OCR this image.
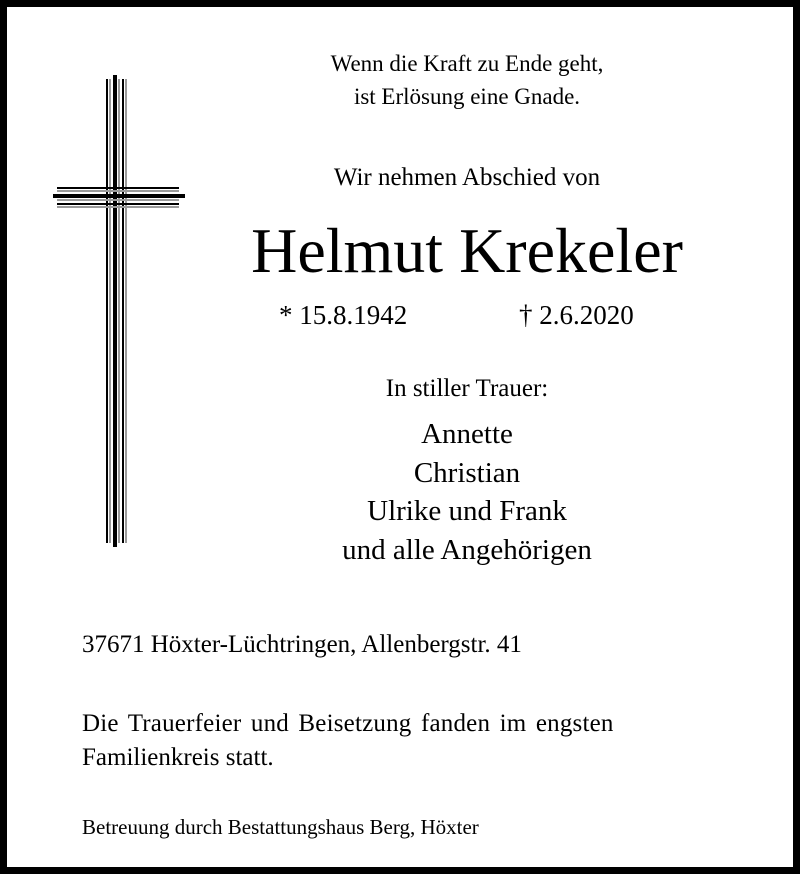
Wenn die Kraft zu Ende geht,
ist Erlösung eine Gnade.
Wir nehmen Abschied von
Helmut Krekeler
* 15.8.1942	† 2.6.2020
In stiller Trauer:
Annette
Christian
Ulrike und Frank
und alle Angehörigen
37671 Höxter-Lüchtringen, Allenbergstr. 41
Die Trauerfeier und Beisetzung fanden im engsten
Familienkreis statt.
Betreuung durch Bestattungshaus Berg, Höxter
